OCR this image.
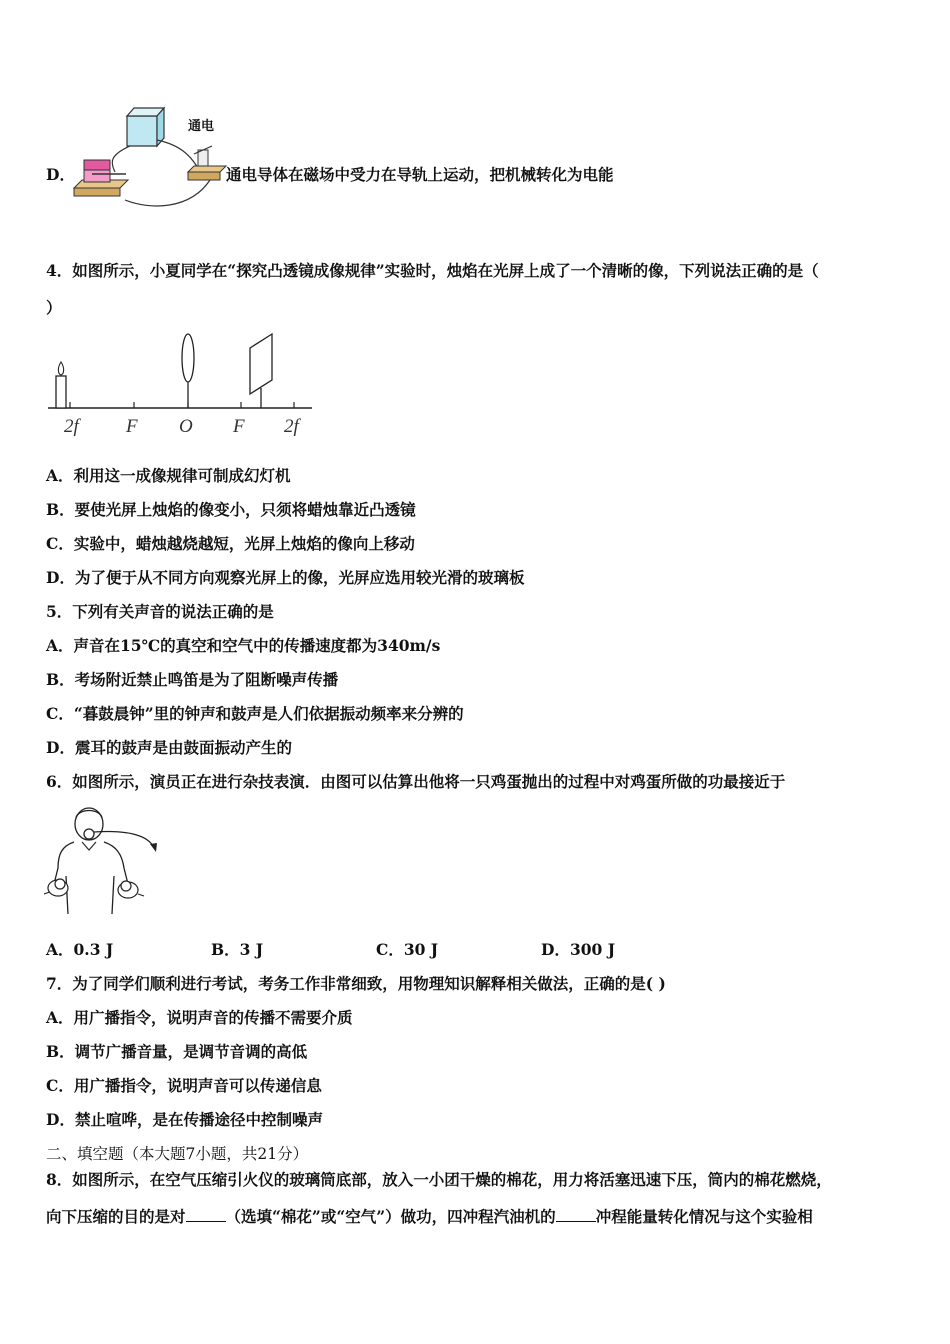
通电
D．	通电导体在磁场中受力在导轨上运动，把机械转化为电能
4．如图所示，小夏同学在“探究凸透镜成像规律”实验时，烛焰在光屏上成了一个清晰的像，下列说法正确的是（
）
2f F O F 2f
A．利用这一成像规律可制成幻灯机
B．要使光屏上烛焰的像变小，只须将蜡烛靠近凸透镜
C．实验中，蜡烛越烧越短，光屏上烛焰的像向上移动
D．为了便于从不同方向观察光屏上的像，光屏应选用较光滑的玻璃板
5．下列有关声音的说法正确的是
A．声音在15℃的真空和空气中的传播速度都为340m/s
B．考场附近禁止鸣笛是为了阻断噪声传播
C．“暮鼓晨钟”里的钟声和鼓声是人们依据振动频率来分辨的
D．震耳的鼓声是由鼓面振动产生的
6．如图所示，演员正在进行杂技表演．由图可以估算出他将一只鸡蛋抛出的过程中对鸡蛋所做的功最接近于
A．0.3 J	B．3 J	C．30 J	D．300 J
7．为了同学们顺利进行考试，考务工作非常细致，用物理知识解释相关做法，正确的是( )
A．用广播指令，说明声音的传播不需要介质
B．调节广播音量，是调节音调的高低
C．用广播指令，说明声音可以传递信息
D．禁止喧哗，是在传播途径中控制噪声
二、填空题（本大题7小题，共21分）
8．如图所示，在空气压缩引火仪的玻璃筒底部，放入一小团干燥的棉花，用力将活塞迅速下压，筒内的棉花燃烧，
向下压缩的目的是对	（选填“棉花”或“空气”）做功，四冲程汽油机的	冲程能量转化情况与这个实验相
